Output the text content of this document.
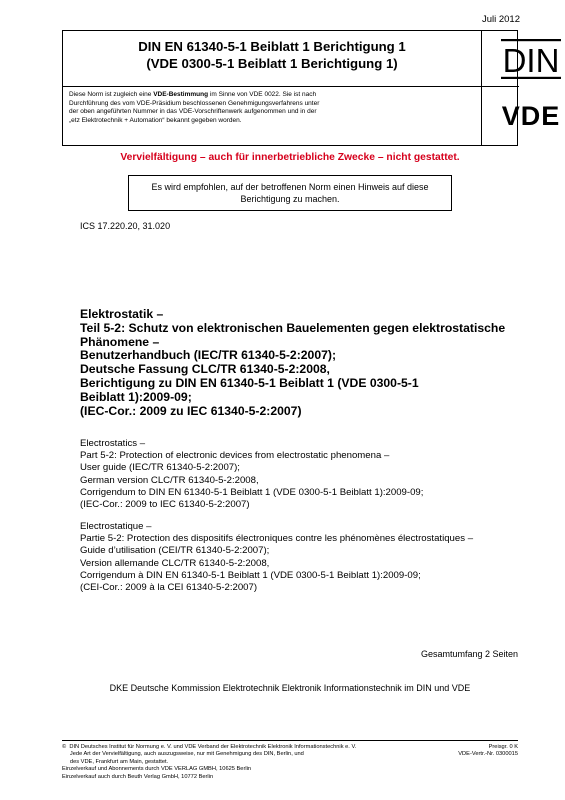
Juli 2012
DIN EN 61340-5-1 Beiblatt 1 Berichtigung 1
(VDE 0300-5-1 Beiblatt 1 Berichtigung 1)	DIN
Diese Norm ist zugleich eine VDE-Bestimmung im Sinne von VDE 0022. Sie ist nach
Durchführung des vom VDE-Präsidium beschlossenen Genehmigungsverfahrens unter
der oben angeführten Nummer in das VDE-Vorschriftenwerk aufgenommen und in der
„etz Elektrotechnik + Automation“ bekannt gegeben worden.	VDE
Vervielfältigung – auch für innerbetriebliche Zwecke – nicht gestattet.
Es wird empfohlen, auf der betroffenen Norm einen Hinweis auf diese
Berichtigung zu machen.
ICS 17.220.20, 31.020
Elektrostatik –
Teil 5-2: Schutz von elektronischen Bauelementen gegen elektrostatische
Phänomene –
Benutzerhandbuch (IEC/TR 61340-5-2:2007);
Deutsche Fassung CLC/TR 61340-5-2:2008,
Berichtigung zu DIN EN 61340-5-1 Beiblatt 1 (VDE 0300-5-1
Beiblatt 1):2009-09;
(IEC-Cor.: 2009 zu IEC 61340-5-2:2007)
Electrostatics –
Part 5-2: Protection of electronic devices from electrostatic phenomena –
User guide (IEC/TR 61340-5-2:2007);
German version CLC/TR 61340-5-2:2008,
Corrigendum to DIN EN 61340-5-1 Beiblatt 1 (VDE 0300-5-1 Beiblatt 1):2009-09;
(IEC-Cor.: 2009 to IEC 61340-5-2:2007)
Electrostatique –
Partie 5-2: Protection des dispositifs électroniques contre les phénomènes électrostatiques –
Guide d’utilisation (CEI/TR 61340-5-2:2007);
Version allemande CLC/TR 61340-5-2:2008,
Corrigendum à DIN EN 61340-5-1 Beiblatt 1 (VDE 0300-5-1 Beiblatt 1):2009-09;
(CEI-Cor.: 2009 à la CEI 61340-5-2:2007)
Gesamtumfang 2 Seiten
DKE Deutsche Kommission Elektrotechnik Elektronik Informationstechnik im DIN und VDE
©  DIN Deutsches Institut für Normung e. V. und VDE Verband der Elektrotechnik Elektronik Informationstechnik e. V.
Jede Art der Vervielfältigung, auch auszugsweise, nur mit Genehmigung des DIN, Berlin, und
des VDE, Frankfurt am Main, gestattet.
Einzelverkauf und Abonnements durch VDE VERLAG GMBH, 10625 Berlin
Einzelverkauf auch durch Beuth Verlag GmbH, 10772 Berlin
Preisgr. 0 K
VDE-Vertr.-Nr. 0300015
